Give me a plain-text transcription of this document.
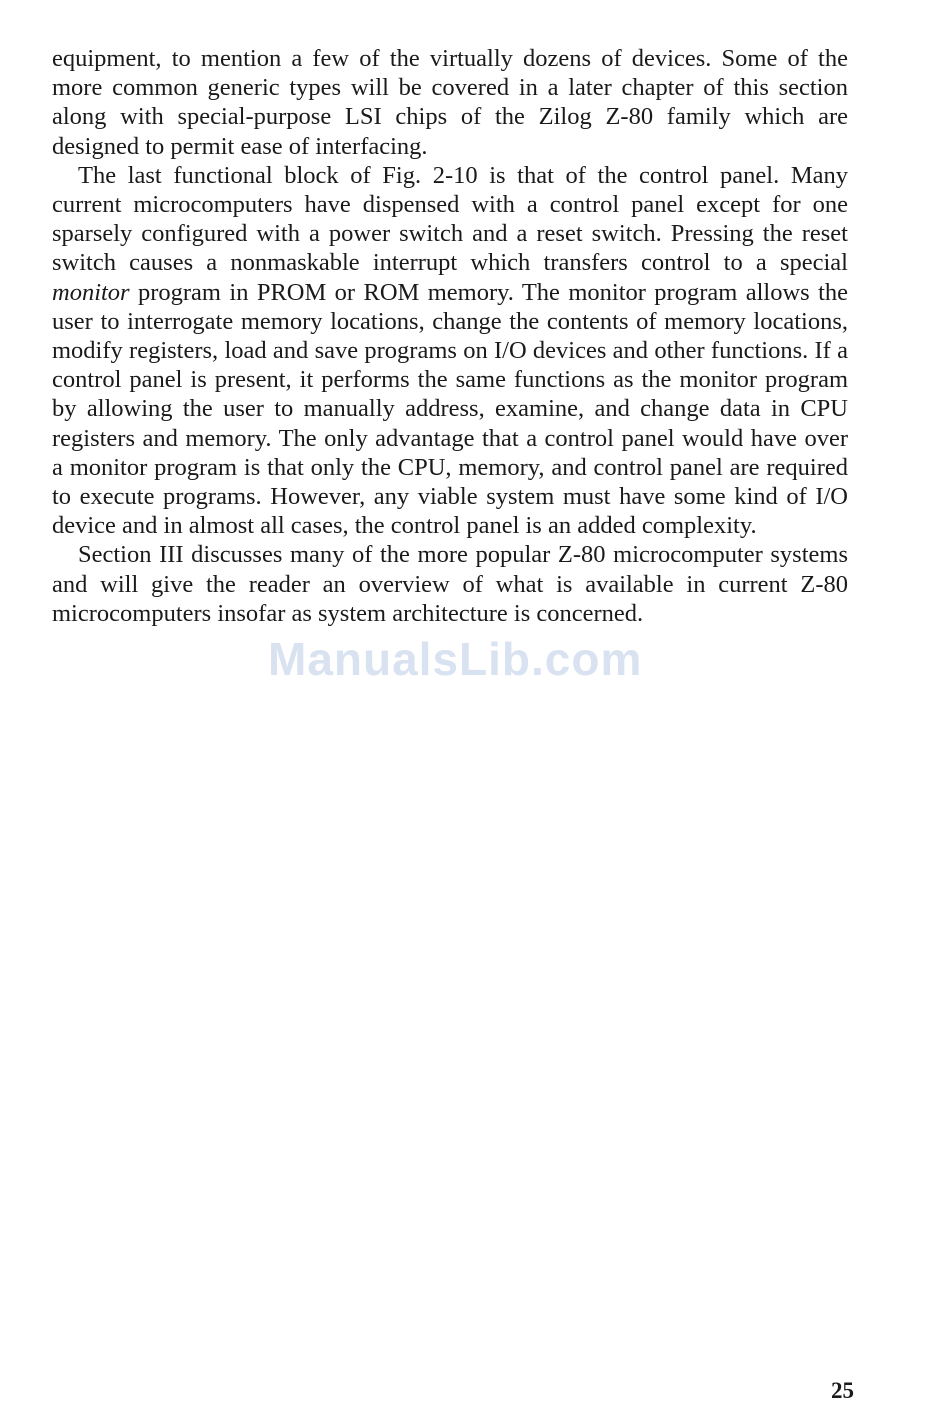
equipment, to mention a few of the virtually dozens of devices. Some of the more common generic types will be covered in a later chapter of this section along with special-purpose LSI chips of the Zilog Z-80 family which are designed to permit ease of interfacing.

The last functional block of Fig. 2-10 is that of the control panel. Many current microcomputers have dispensed with a control panel except for one sparsely configured with a power switch and a reset switch. Pressing the reset switch causes a nonmaskable interrupt which transfers control to a special monitor program in PROM or ROM memory. The monitor program allows the user to interrogate memory locations, change the contents of memory locations, modify registers, load and save programs on I/O devices and other functions. If a control panel is present, it performs the same functions as the monitor program by allowing the user to manually address, examine, and change data in CPU registers and memory. The only advantage that a control panel would have over a monitor program is that only the CPU, memory, and control panel are required to execute programs. However, any viable system must have some kind of I/O device and in almost all cases, the control panel is an added complexity.

Section III discusses many of the more popular Z-80 microcomputer systems and will give the reader an overview of what is available in current Z-80 microcomputers insofar as system architecture is concerned.

ManualsLib.com
25
